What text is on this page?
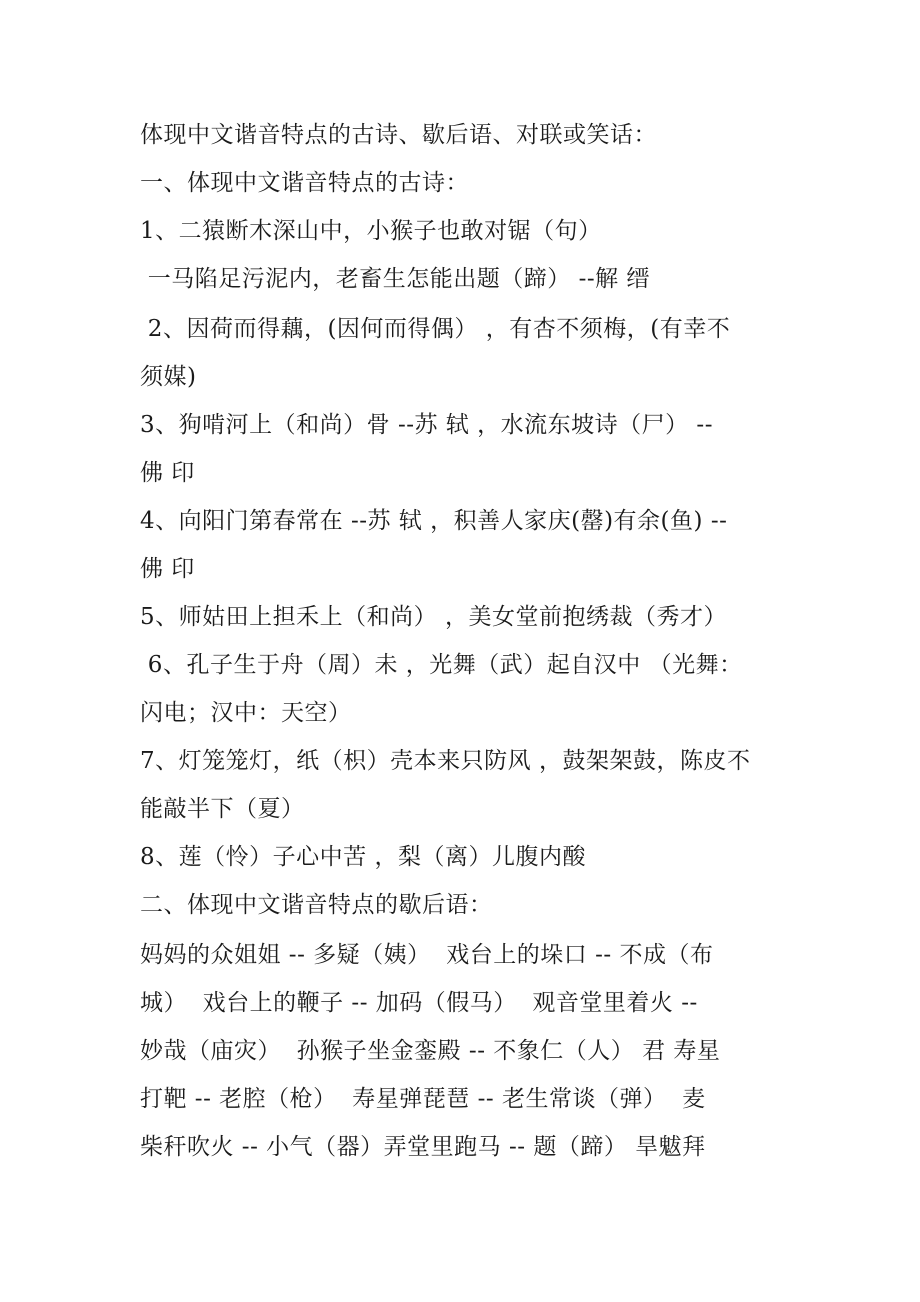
体现中文谐音特点的古诗、歇后语、对联或笑话：
一、体现中文谐音特点的古诗：
1、二猿断木深山中，小猴子也敢对锯（句）
一马陷足污泥内，老畜生怎能出题（蹄） --解 缙
2、因荷而得藕，(因何而得偶） ，有杏不须梅，(有幸不
须媒)
3、狗啃河上（和尚）骨 --苏 轼 ，水流东坡诗（尸） --
佛 印
4、向阳门第春常在 --苏 轼 ，积善人家庆(罄)有余(鱼) --
佛 印
5、师姑田上担禾上（和尚） ，美女堂前抱绣裁（秀才）
6、孔子生于舟（周）未 ，光舞（武）起自汉中 （光舞：
闪电；汉中：天空）
7、灯笼笼灯，纸（枳）壳本来只防风 ，鼓架架鼓，陈皮不
能敲半下（夏）
8、莲（怜）子心中苦 ，梨（离）儿腹内酸
二、体现中文谐音特点的歇后语：
妈妈的众姐姐 -- 多疑（姨）  戏台上的垛口 -- 不成（布
城）  戏台上的鞭子 -- 加码（假马）  观音堂里着火 --
妙哉（庙灾）  孙猴子坐金銮殿 -- 不象仁（人） 君 寿星
打靶 -- 老腔（枪）  寿星弹琵琶 -- 老生常谈（弹）  麦
柴秆吹火 -- 小气（器）弄堂里跑马 -- 题（蹄） 旱魃拜
